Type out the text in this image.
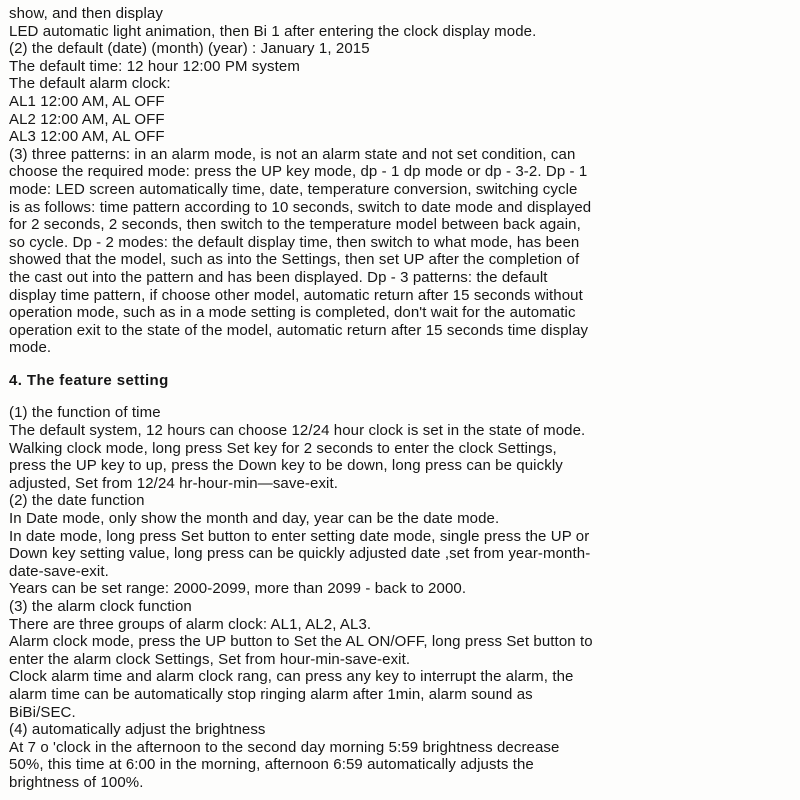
show, and then display
LED automatic light animation, then Bi 1 after entering the clock display mode.
(2) the default (date) (month) (year) : January 1, 2015
The default time: 12 hour 12:00 PM system
The default alarm clock:
AL1 12:00 AM, AL OFF
AL2 12:00 AM, AL OFF
AL3 12:00 AM, AL OFF
(3) three patterns: in an alarm mode, is not an alarm state and not set condition, can
choose the required mode: press the UP key mode, dp - 1 dp mode or dp - 3-2. Dp - 1
mode: LED screen automatically time, date, temperature conversion, switching cycle
is as follows: time pattern according to 10 seconds, switch to date mode and displayed
for 2 seconds, 2 seconds, then switch to the temperature model between back again,
so cycle. Dp - 2 modes: the default display time, then switch to what mode, has been
showed that the model, such as into the Settings, then set UP after the completion of
the cast out into the pattern and has been displayed. Dp - 3 patterns: the default
display time pattern, if choose other model, automatic return after 15 seconds without
operation mode, such as in a mode setting is completed, don't wait for the automatic
operation exit to the state of the model, automatic return after 15 seconds time display
mode.
4. The feature setting
(1) the function of time
The default system, 12 hours can choose 12/24 hour clock is set in the state of mode.
Walking clock mode, long press Set key for 2 seconds to enter the clock Settings,
press the UP key to up, press the Down key to be down, long press can be quickly
adjusted, Set from 12/24 hr-hour-min—save-exit.
(2) the date function
In Date mode, only show the month and day, year can be the date mode.
In date mode, long press Set button to enter setting date mode, single press the UP or
Down key setting value, long press can be quickly adjusted date ,set from year-month-
date-save-exit.
Years can be set range: 2000-2099, more than 2099 - back to 2000.
(3) the alarm clock function
There are three groups of alarm clock: AL1, AL2, AL3.
Alarm clock mode, press the UP button to Set the AL ON/OFF, long press Set button to
enter the alarm clock Settings, Set from hour-min-save-exit.
Clock alarm time and alarm clock rang, can press any key to interrupt the alarm, the
alarm time can be automatically stop ringing alarm after 1min, alarm sound as
BiBi/SEC.
(4) automatically adjust the brightness
At 7 o 'clock in the afternoon to the second day morning 5:59 brightness decrease
50%, this time at 6:00 in the morning, afternoon 6:59 automatically adjusts the
brightness of 100%.
